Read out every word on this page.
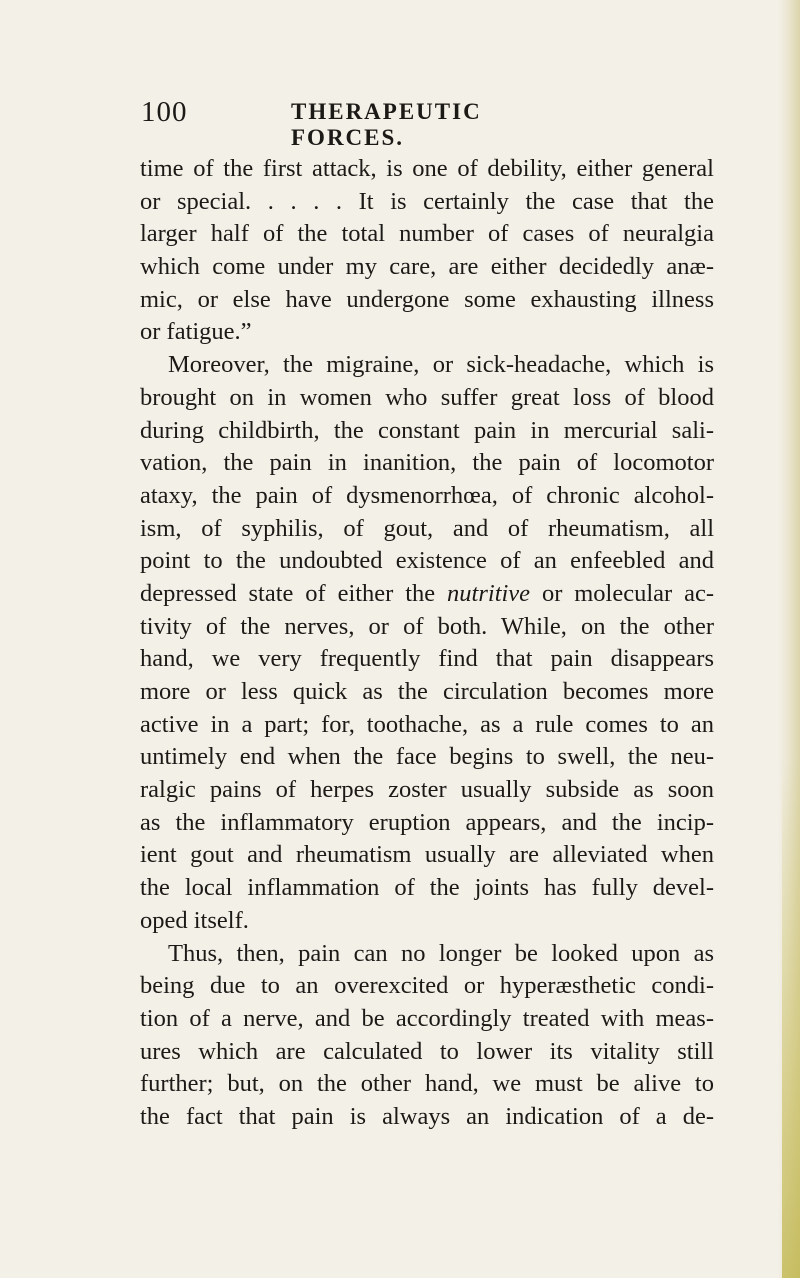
100	THERAPEUTIC FORCES.
time of the first attack, is one of debility, either general
or special. . . . . It is certainly the case that the
larger half of the total number of cases of neuralgia
which come under my care, are either decidedly anæ-
mic, or else have undergone some exhausting illness
or fatigue.”
Moreover, the migraine, or sick-headache, which is
brought on in women who suffer great loss of blood
during childbirth, the constant pain in mercurial sali-
vation, the pain in inanition, the pain of locomotor
ataxy, the pain of dysmenorrhœa, of chronic alcohol-
ism, of syphilis, of gout, and of rheumatism, all
point to the undoubted existence of an enfeebled and
depressed state of either the nutritive or molecular ac-
tivity of the nerves, or of both. While, on the other
hand, we very frequently find that pain disappears
more or less quick as the circulation becomes more
active in a part; for, toothache, as a rule comes to an
untimely end when the face begins to swell, the neu-
ralgic pains of herpes zoster usually subside as soon
as the inflammatory eruption appears, and the incip-
ient gout and rheumatism usually are alleviated when
the local inflammation of the joints has fully devel-
oped itself.
Thus, then, pain can no longer be looked upon as
being due to an overexcited or hyperæsthetic condi-
tion of a nerve, and be accordingly treated with meas-
ures which are calculated to lower its vitality still
further; but, on the other hand, we must be alive to
the fact that pain is always an indication of a de-
